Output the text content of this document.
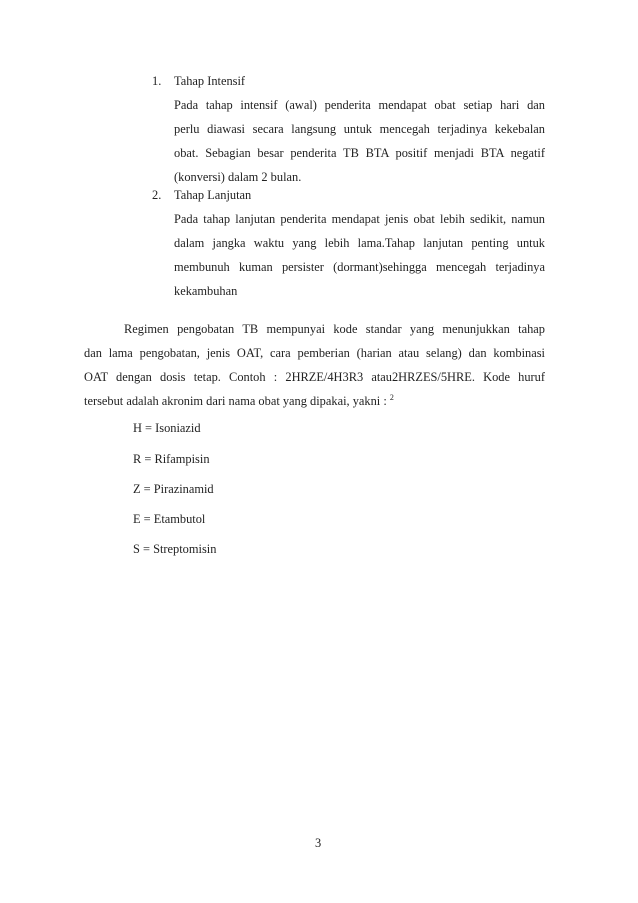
1. Tahap Intensif
Pada tahap intensif (awal) penderita mendapat obat setiap hari dan
perlu diawasi secara langsung untuk mencegah terjadinya kekebalan
obat. Sebagian besar penderita TB BTA positif menjadi BTA negatif
(konversi) dalam 2 bulan.
2. Tahap Lanjutan
Pada tahap lanjutan penderita mendapat jenis obat lebih sedikit, namun
dalam jangka waktu yang lebih lama.Tahap lanjutan penting untuk
membunuh kuman persister (dormant)sehingga mencegah terjadinya
kekambuhan
Regimen pengobatan TB mempunyai kode standar yang menunjukkan tahap
dan lama pengobatan, jenis OAT, cara pemberian (harian atau selang) dan kombinasi
OAT dengan dosis tetap. Contoh : 2HRZE/4H3R3 atau2HRZES/5HRE. Kode huruf
tersebut adalah akronim dari nama obat yang dipakai, yakni : $^2$
H = Isoniazid
R = Rifampisin
Z = Pirazinamid
E = Etambutol
S = Streptomisin
3
